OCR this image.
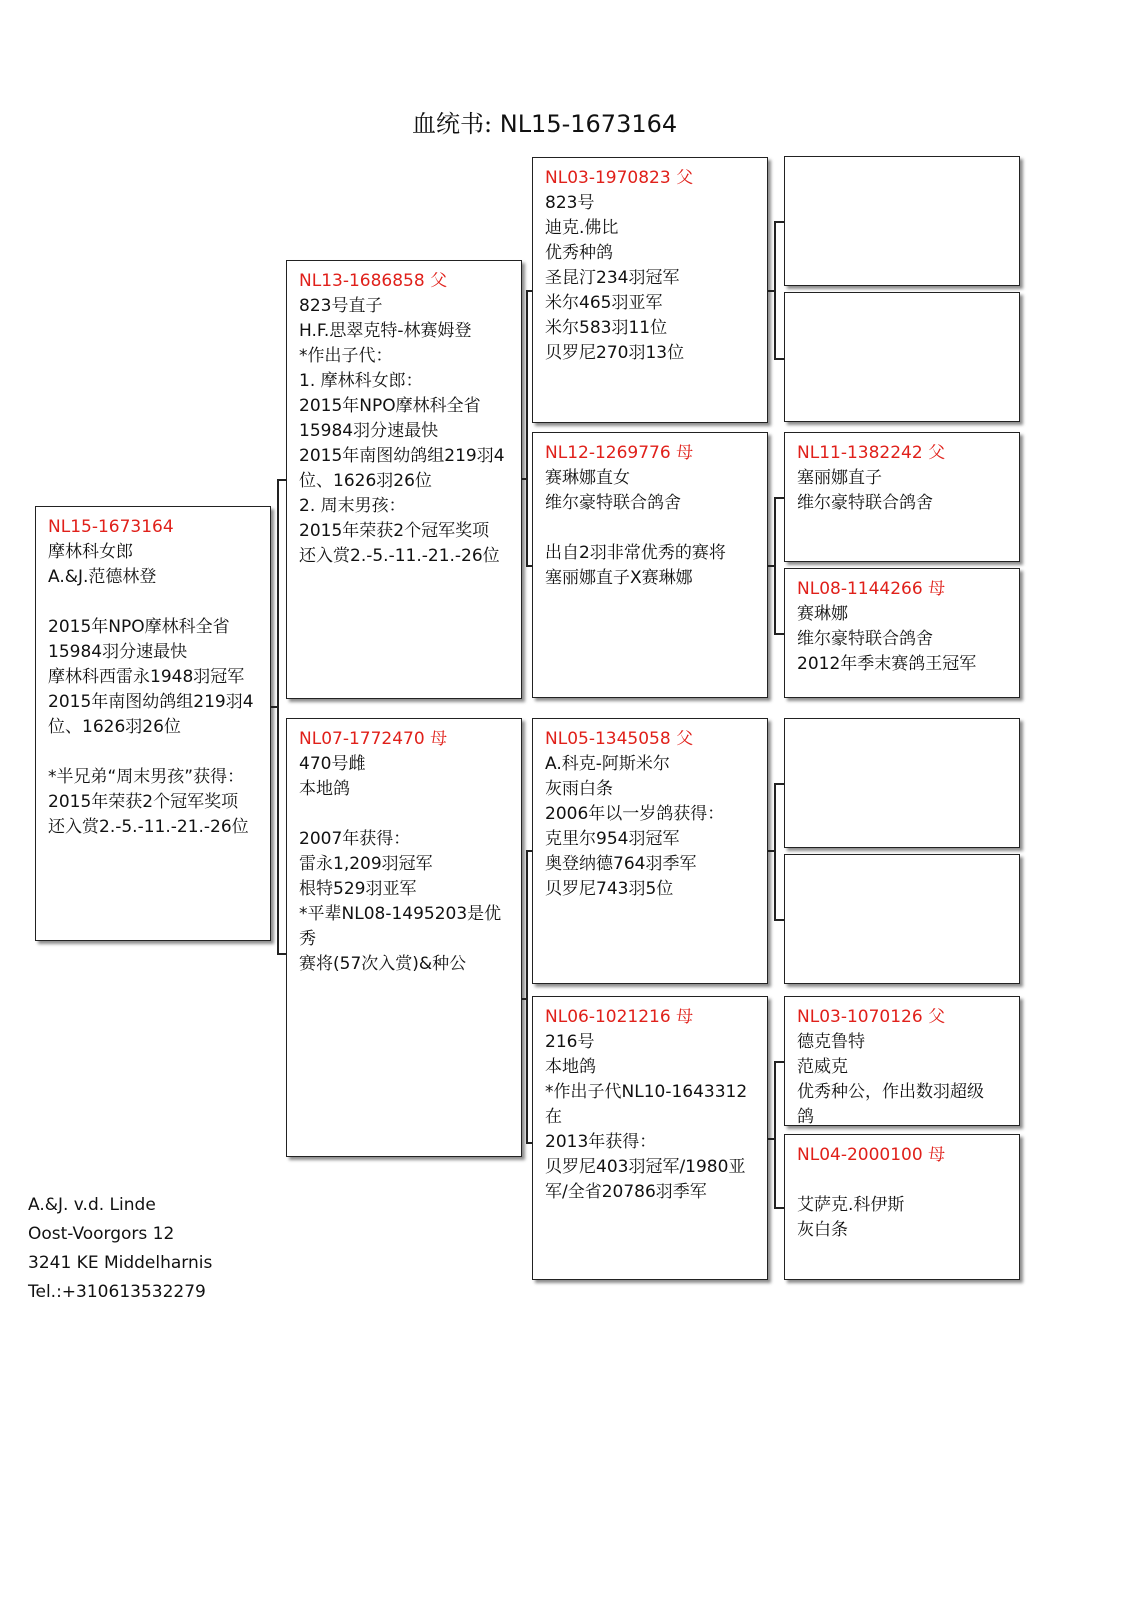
血统书: NL15-1673164
NL15-1673164
摩林科女郎
A.&J.范德林登
2015年NPO摩林科全省
15984羽分速最快
摩林科西雷永1948羽冠军
2015年南图幼鸽组219羽4
位、1626羽26位
*半兄弟“周末男孩”获得：
2015年荣获2个冠军奖项
还入赏2.-5.-11.-21.-26位
NL13-1686858 父
823号直子
H.F.思翠克特-林赛姆登
*作出子代：
1. 摩林科女郎：
2015年NPO摩林科全省
15984羽分速最快
2015年南图幼鸽组219羽4
位、1626羽26位
2. 周末男孩：
2015年荣获2个冠军奖项
还入赏2.-5.-11.-21.-26位
NL07-1772470 母
470号雌
本地鸽
2007年获得：
雷永1,209羽冠军
根特529羽亚军
*平辈NL08-1495203是优秀
赛将(57次入赏)&种公
NL03-1970823 父
823号
迪克.佛比
优秀种鸽
圣昆汀234羽冠军
米尔465羽亚军
米尔583羽11位
贝罗尼270羽13位
NL12-1269776 母
赛琳娜直女
维尔豪特联合鸽舍
出自2羽非常优秀的赛将
塞丽娜直子X赛琳娜
NL05-1345058 父
A.科克-阿斯米尔
灰雨白条
2006年以一岁鸽获得：
克里尔954羽冠军
奥登纳德764羽季军
贝罗尼743羽5位
NL06-1021216 母
216号
本地鸽
*作出子代NL10-1643312在
2013年获得：
贝罗尼403羽冠军/1980亚
军/全省20786羽季军
NL11-1382242 父
塞丽娜直子
维尔豪特联合鸽舍
NL08-1144266 母
赛琳娜
维尔豪特联合鸽舍
2012年季末赛鸽王冠军
NL03-1070126 父
德克鲁特
范威克
优秀种公，作出数羽超级
鸽
NL04-2000100 母
艾萨克.科伊斯
灰白条
A.&J. v.d. Linde
Oost-Voorgors 12
3241 KE Middelharnis
Tel.:+310613532279
